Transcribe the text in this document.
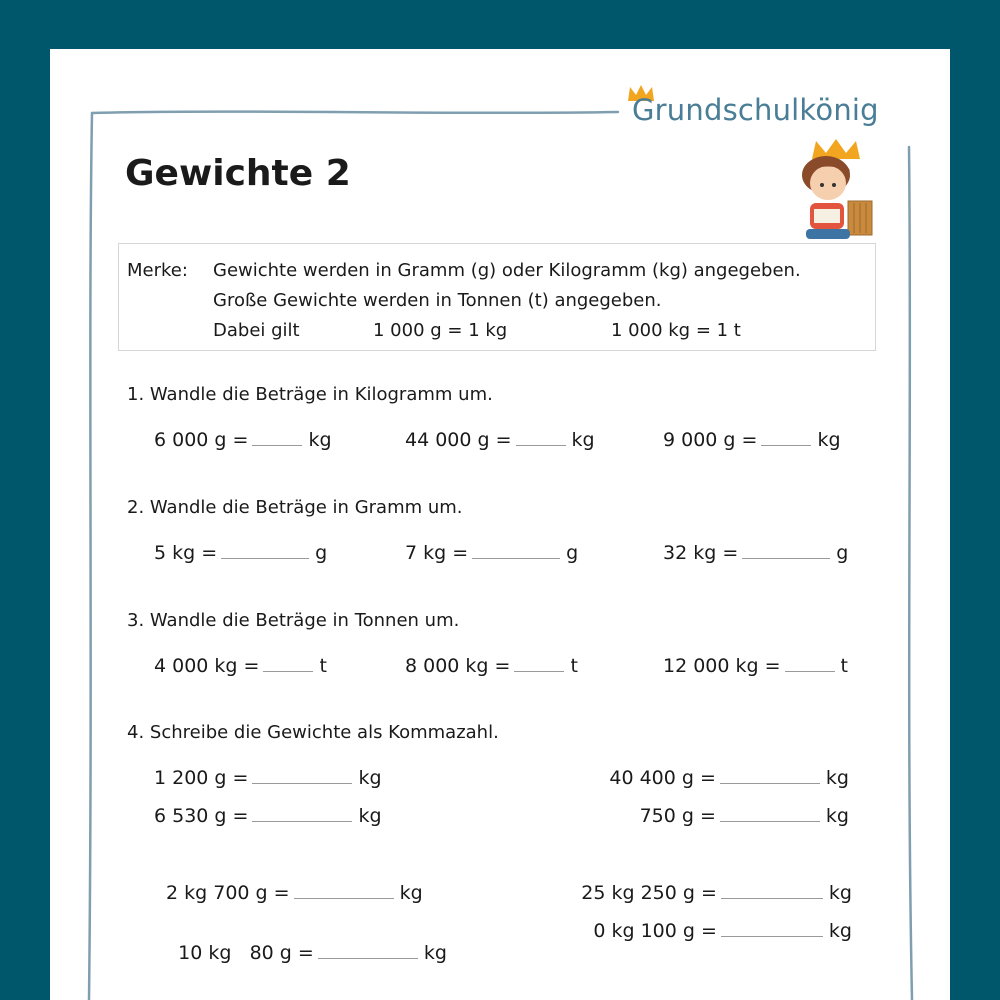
Grundschulkönig
Gewichte 2
Merke: Gewichte werden in Gramm (g) oder Kilogramm (kg) angegeben.
Große Gewichte werden in Tonnen (t) angegeben.
Dabei gilt	1 000 g = 1 kg	1 000 kg = 1 t
1. Wandle die Beträge in Kilogramm um.
6 000 g =	kg	44 000 g =	kg	9 000 g =	kg
2. Wandle die Beträge in Gramm um.
5 kg =	g	7 kg =	g	32 kg =	g
3. Wandle die Beträge in Tonnen um.
4 000 kg =	t	8 000 kg =	t	12 000 kg =	t
4. Schreibe die Gewichte als Kommazahl.
1 200 g =	kg	40 400 g =	kg
6 530 g =	kg	750 g =	kg
2 kg 700 g =	kg	25 kg 250 g =	kg

10 kg   80 g =	kg

0 kg 100 g =	kg
